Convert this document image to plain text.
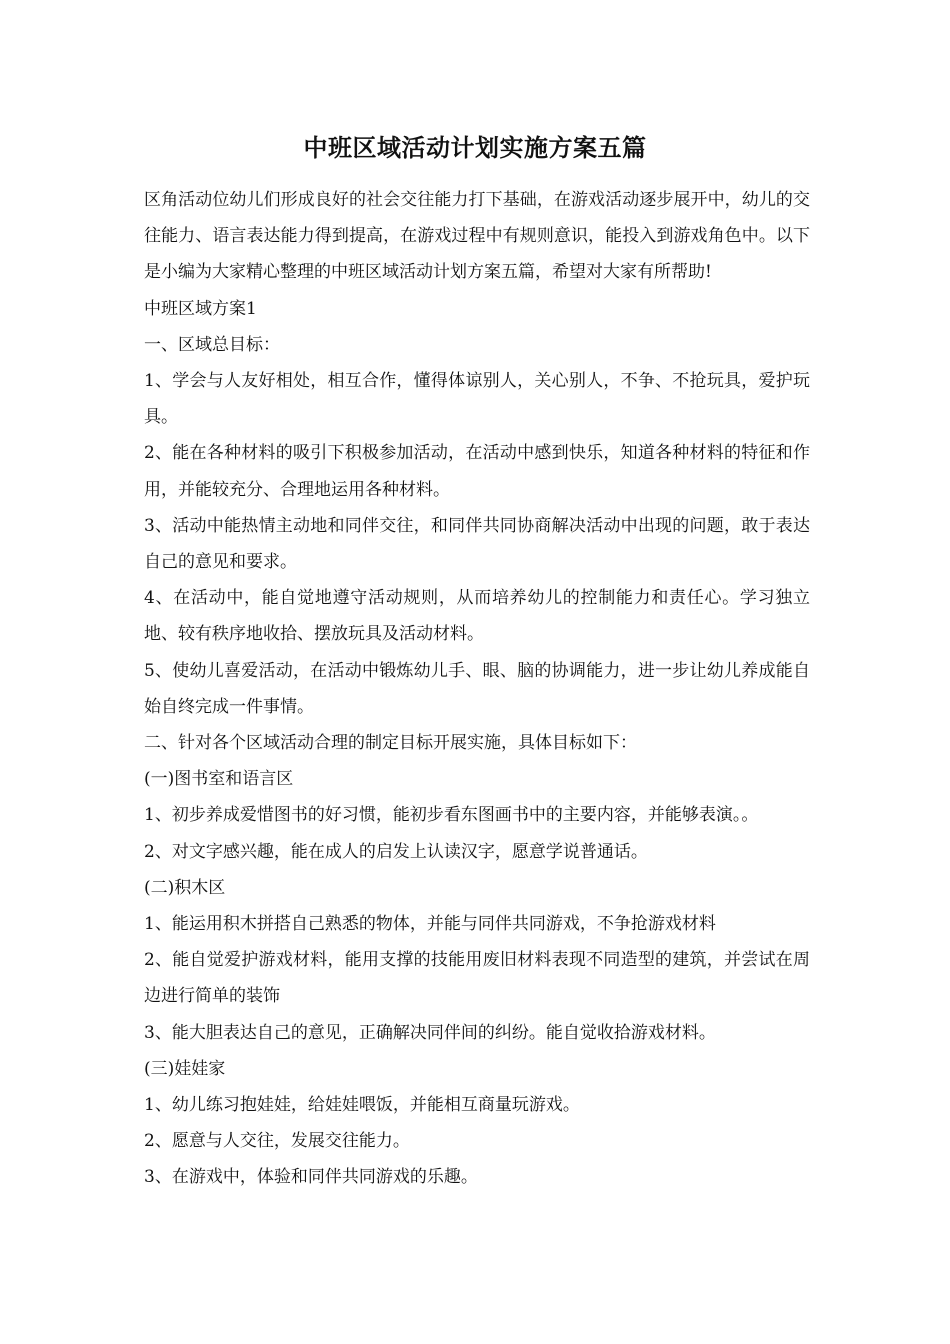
中班区域活动计划实施方案五篇

区角活动位幼儿们形成良好的社会交往能力打下基础，在游戏活动逐步展开中，幼儿的交往能力、语言表达能力得到提高，在游戏过程中有规则意识，能投入到游戏角色中。以下是小编为大家精心整理的中班区域活动计划方案五篇，希望对大家有所帮助!

中班区域方案1

一、区域总目标：

1、学会与人友好相处，相互合作，懂得体谅别人，关心别人，不争、不抢玩具，爱护玩具。

2、能在各种材料的吸引下积极参加活动，在活动中感到快乐，知道各种材料的特征和作用，并能较充分、合理地运用各种材料。

3、活动中能热情主动地和同伴交往，和同伴共同协商解决活动中出现的问题，敢于表达自己的意见和要求。

4、在活动中，能自觉地遵守活动规则，从而培养幼儿的控制能力和责任心。学习独立地、较有秩序地收拾、摆放玩具及活动材料。

5、使幼儿喜爱活动，在活动中锻炼幼儿手、眼、脑的协调能力，进一步让幼儿养成能自始自终完成一件事情。

二、针对各个区域活动合理的制定目标开展实施，具体目标如下：

(一)图书室和语言区

1、初步养成爱惜图书的好习惯，能初步看东图画书中的主要内容，并能够表演。。

2、对文字感兴趣，能在成人的启发上认读汉字，愿意学说普通话。

(二)积木区

1、能运用积木拼搭自己熟悉的物体，并能与同伴共同游戏，不争抢游戏材料

2、能自觉爱护游戏材料，能用支撑的技能用废旧材料表现不同造型的建筑，并尝试在周边进行简单的装饰

3、能大胆表达自己的意见，正确解决同伴间的纠纷。能自觉收拾游戏材料。

(三)娃娃家

1、幼儿练习抱娃娃，给娃娃喂饭，并能相互商量玩游戏。

2、愿意与人交往，发展交往能力。

3、在游戏中，体验和同伴共同游戏的乐趣。
